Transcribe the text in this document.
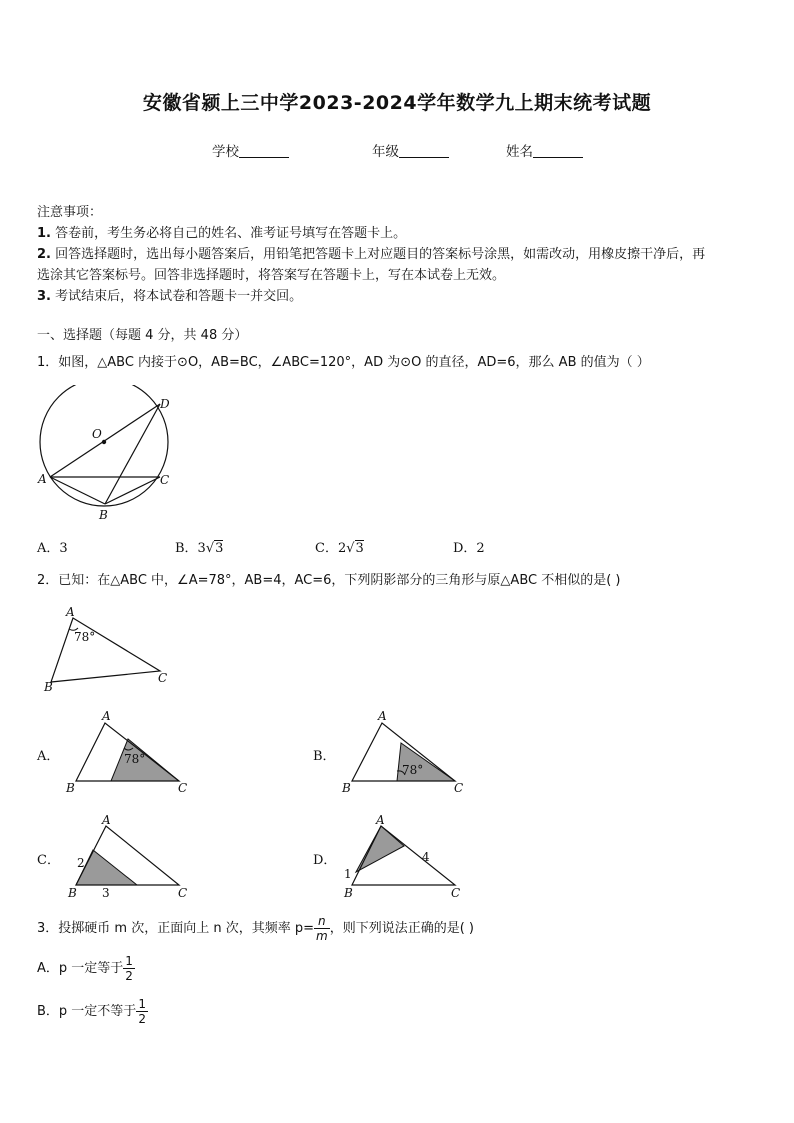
安徽省颍上三中学2023-2024学年数学九上期末统考试题
学校	年级	姓名
注意事项：
1. 答卷前，考生务必将自己的姓名、准考证号填写在答题卡上。
2. 回答选择题时，选出每小题答案后，用铅笔把答题卡上对应题目的答案标号涂黑，如需改动，用橡皮擦干净后，再
选涂其它答案标号。回答非选择题时，将答案写在答题卡上，写在本试卷上无效。
3. 考试结束后，将本试卷和答题卡一并交回。
一、选择题（每题 4 分，共 48 分）
1．如图，△ABC 内接于⊙O，AB=BC，∠ABC=120°，AD 为⊙O 的直径，AD=6，那么 AB 的值为（ ）
O
D
A	C
B
A．3	B．3√3	C．2√3	D．2
2．已知：在△ABC 中，∠A=78°，AB=4，AC=6，下列阴影部分的三角形与原△ABC 不相似的是( )
A
78°
B
C
A．
A
78°
B	C
B．
A
78°
B	C
C．
A
2
3
B	C
D．
A
1
4
B	C
3．投掷硬币 m 次，正面向上 n 次，其频率 $p= \frac{n}{m}$ ，则下列说法正确的是( )
A．p 一定等于 $\frac{1}{2}$
B．p 一定不等于 $\frac{1}{2}$
